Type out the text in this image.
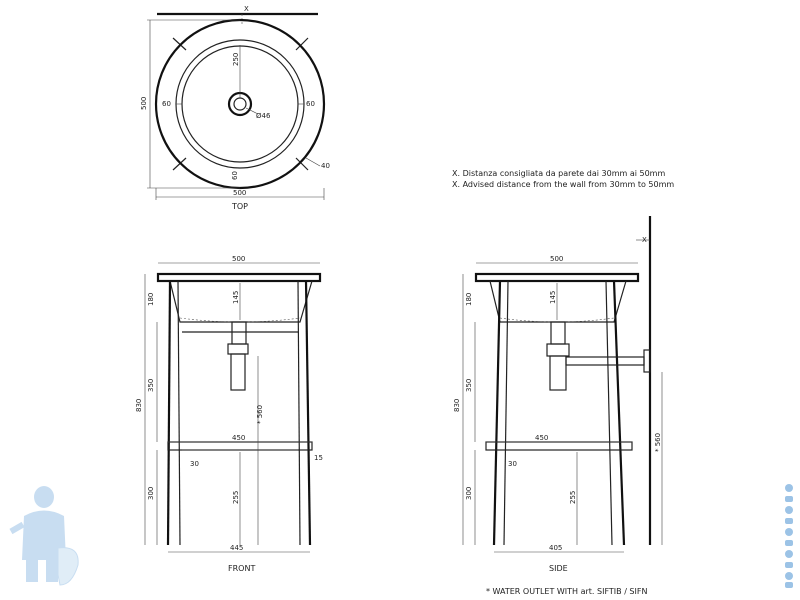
X
Ø46
250
60	60
60
40
500
500
TOP
X. Distanza consigliata da parete dai 30mm ai 50mm
X. Advised distance from the wall from 30mm to 50mm
500
180	145
350
830	* 560
450
30
15
300	255
445
FRONT
X
500
180	145
350
830
* 560
450
30
300	255
405
SIDE
* WATER OUTLET WITH art. SIFTIB / SIFN
